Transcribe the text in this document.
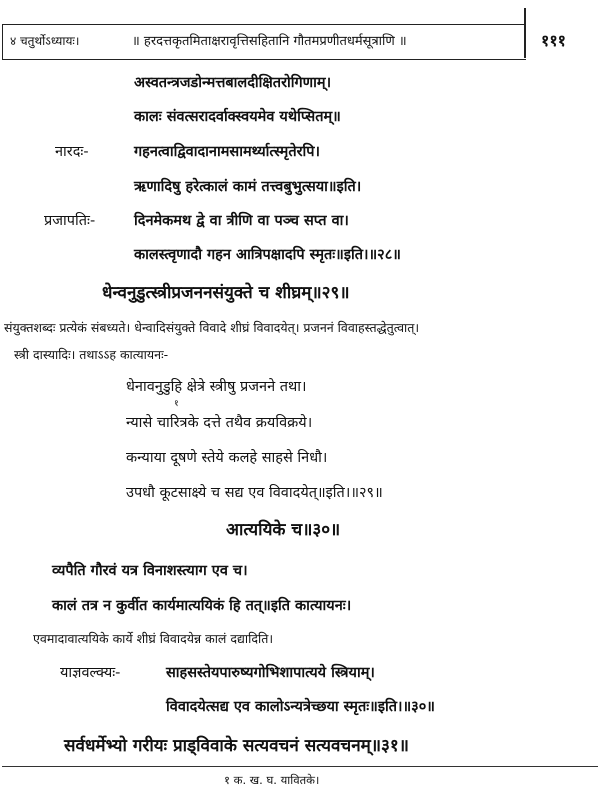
४ चतुर्थोऽध्यायः।	॥ हरदत्तकृतमिताक्षरावृत्तिसहितानि गौतमप्रणीतधर्मसूत्राणि ॥	१११
अस्वतन्त्रजडोन्मत्तबालदीक्षितरोगिणाम्।
कालः संवत्सरादर्वाक्स्वयमेव यथेप्सितम्॥
नारदः-	गहनत्वाद्विवादानामसामर्थ्यात्स्मृतेरपि।
ऋणादिषु हरेत्कालं कामं तत्त्वबुभुत्सया॥इति।
प्रजापतिः-	दिनमेकमथ द्वे वा त्रीणि वा पञ्च सप्त वा।
कालस्त्वृणादौ गहन आत्रिपक्षादपि स्मृतः॥इति।॥२८॥
धेन्वनुडुत्स्त्रीप्रजननसंयुक्ते च शीघ्रम्॥२९॥
संयुक्तशब्दः प्रत्येकं संबध्यते। धेन्वादिसंयुक्ते विवादे शीघ्रं विवादयेत्। प्रजननं विवाहस्तद्धेतुत्वात्।
स्त्री दास्यादिः। तथाऽऽह कात्यायनः-
धेनावनुडुहि क्षेत्रे स्त्रीषु प्रजनने तथा।
न्यासे चारित्रके दत्ते तथैव क्रयविक्रये।
१
कन्याया दूषणे स्तेये कलहे साहसे निधौ।
उपधौ कूटसाक्ष्ये च सद्य एव विवादयेत्॥इति।॥२९॥
आत्ययिके च॥३०॥
व्यपैति गौरवं यत्र विनाशस्त्याग एव च।
कालं तत्र न कुर्वीत कार्यमात्ययिकं हि तत्॥इति कात्यायनः।
एवमादावात्ययिके कार्ये शीघ्रं विवादयेन्न कालं दद्यादिति।
याज्ञवल्क्यः-	साहसस्तेयपारुष्यगोभिशापात्यये स्त्रियाम्।
विवादयेत्सद्य एव कालोऽन्यत्रेच्छया स्मृतः॥इति।॥३०॥
सर्वधर्मेभ्यो गरीयः प्राड्विवाके सत्यवचनं सत्यवचनम्॥३१॥
१ क. ख. घ. यावितके।
